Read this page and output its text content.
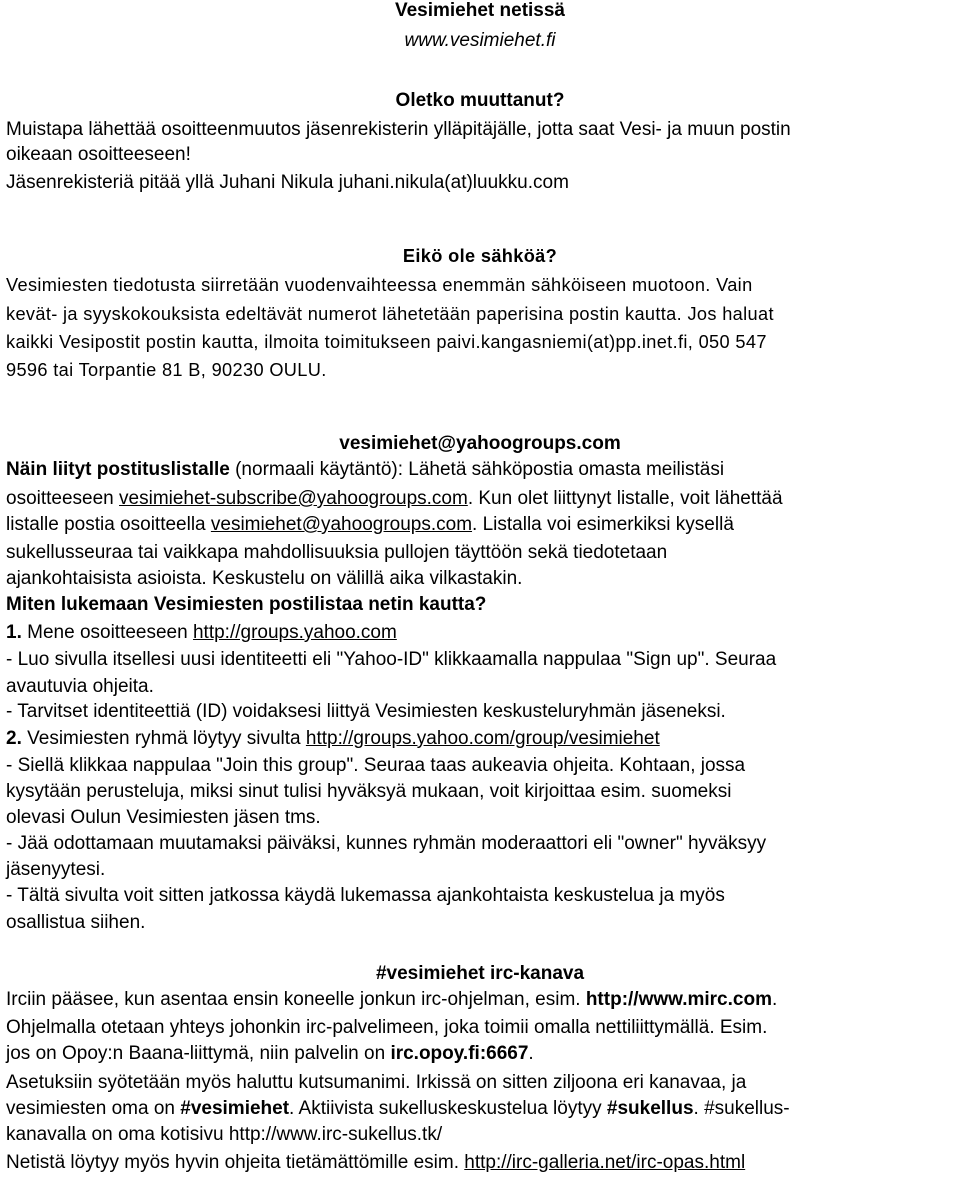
Vesimiehet netissä
www.vesimiehet.fi
Oletko muuttanut?
Muistapa lähettää osoitteenmuutos jäsenrekisterin ylläpitäjälle, jotta saat Vesi- ja muun postin
oikeaan osoitteeseen!
Jäsenrekisteriä pitää yllä Juhani Nikula juhani.nikula(at)luukku.com
Eikö ole sähköä?
Vesimiesten tiedotusta siirretään vuodenvaihteessa enemmän sähköiseen muotoon. Vain
kevät- ja syyskokouksista edeltävät numerot lähetetään paperisina postin kautta. Jos haluat
kaikki Vesipostit postin kautta, ilmoita toimitukseen paivi.kangasniemi(at)pp.inet.fi, 050 547
9596 tai Torpantie 81 B, 90230 OULU.
vesimiehet@yahoogroups.com
Näin liityt postituslistalle (normaali käytäntö): Lähetä sähköpostia omasta meilistäsi
osoitteeseen vesimiehet-subscribe@yahoogroups.com. Kun olet liittynyt listalle, voit lähettää
listalle postia osoitteella vesimiehet@yahoogroups.com. Listalla voi esimerkiksi kysellä
sukellusseuraa tai vaikkapa mahdollisuuksia pullojen täyttöön sekä tiedotetaan
ajankohtaisista asioista. Keskustelu on välillä aika vilkastakin.
Miten lukemaan Vesimiesten postilistaa netin kautta?
1. Mene osoitteeseen http://groups.yahoo.com
- Luo sivulla itsellesi uusi identiteetti eli "Yahoo-ID" klikkaamalla nappulaa "Sign up". Seuraa
avautuvia ohjeita.
- Tarvitset identiteettiä (ID) voidaksesi liittyä Vesimiesten keskusteluryhmän jäseneksi.
2. Vesimiesten ryhmä löytyy sivulta http://groups.yahoo.com/group/vesimiehet
- Siellä klikkaa nappulaa "Join this group". Seuraa taas aukeavia ohjeita. Kohtaan, jossa
kysytään perusteluja, miksi sinut tulisi hyväksyä mukaan, voit kirjoittaa esim. suomeksi
olevasi Oulun Vesimiesten jäsen tms.
- Jää odottamaan muutamaksi päiväksi, kunnes ryhmän moderaattori eli "owner" hyväksyy
jäsenyytesi.
- Tältä sivulta voit sitten jatkossa käydä lukemassa ajankohtaista keskustelua ja myös
osallistua siihen.
#vesimiehet irc-kanava
Irciin pääsee, kun asentaa ensin koneelle jonkun irc-ohjelman, esim. http://www.mirc.com.
Ohjelmalla otetaan yhteys johonkin irc-palvelimeen, joka toimii omalla nettiliittymällä. Esim.
jos on Opoy:n Baana-liittymä, niin palvelin on irc.opoy.fi:6667.
Asetuksiin syötetään myös haluttu kutsumanimi. Irkissä on sitten ziljoona eri kanavaa, ja
vesimiesten oma on #vesimiehet. Aktiivista sukelluskeskustelua löytyy #sukellus. #sukellus-
kanavalla on oma kotisivu http://www.irc-sukellus.tk/
Netistä löytyy myös hyvin ohjeita tietämättömille esim. http://irc-galleria.net/irc-opas.html
